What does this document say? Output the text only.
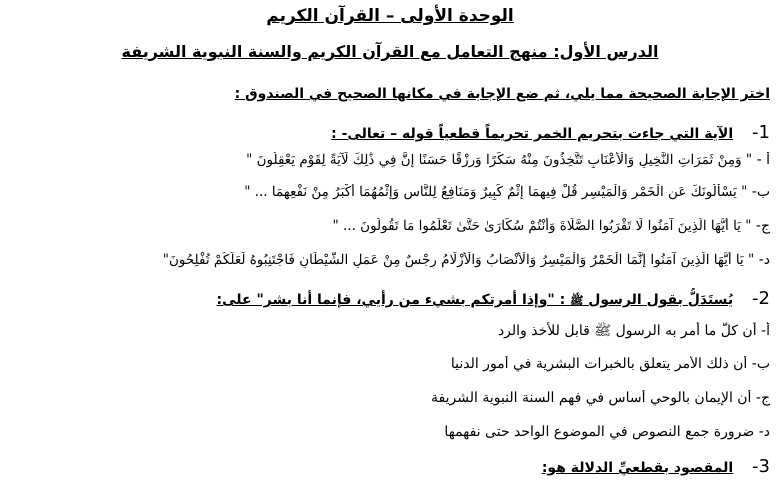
الوحدة الأولى – القرآن الكريم
الدرس الأول: منهج التعامل مع القرآن الكريم والسنة النبوية الشريفة
اختر الإجابة الصحيحة مما يلي، ثم ضع الإجابة في مكانها الصحيح في الصندوق :
1- الآية التي جاءت بتحريم الخمر تحريماً قطعياً قوله – تعالى- :
أ - " وَمِنْ ثَمَرَاتِ النَّخِيلِ وَالْأَعْنَابِ تَتَّخِذُونَ مِنْهُ سَكَرًا وَرِزْقًا حَسَنًا إِنَّ فِي ذَٰلِكَ لَآيَةً لِقَوْمٍ يَعْقِلُونَ "
ب- " يَسْأَلُونَكَ عَنِ الْخَمْرِ وَالْمَيْسِرِ قُلْ فِيهِمَا إِثْمٌ كَبِيرٌ وَمَنَافِعُ لِلنَّاسِ وَإِثْمُهُمَا أَكْبَرُ مِنْ نَفْعِهِمَا ... "
ج- " يَا أَيُّهَا الَّذِينَ آمَنُوا لَا تَقْرَبُوا الصَّلَاةَ وَأَنْتُمْ سُكَارَىٰ حَتَّىٰ تَعْلَمُوا مَا تَقُولُونَ ... "
د- " يَا أَيُّهَا الَّذِينَ آمَنُوا إِنَّمَا الْخَمْرُ وَالْمَيْسِرُ وَالْأَنْصَابُ وَالْأَزْلَامُ رِجْسٌ مِنْ عَمَلِ الشَّيْطَانِ فَاجْتَنِبُوهُ لَعَلَّكُمْ تُفْلِحُونَ"
2- يُستَدَلُّ بقول الرسول ﷺ : "وإذا أمرتكم بشيء من رأيي، فإنما أنا بشر" على:
أ- أن كلَّ ما أمر به الرسول ﷺ قابل للأخذ والرد
ب- أن ذلك الأمر يتعلق بالخبرات البشرية في أمور الدنيا
ج- أن الإيمان بالوحي أساس في فهم السنة النبوية الشريفة
د- ضرورة جمع النصوص في الموضوع الواحد حتى نفهمها
3- المقصود بقطعيِّ الدلالة هو:
